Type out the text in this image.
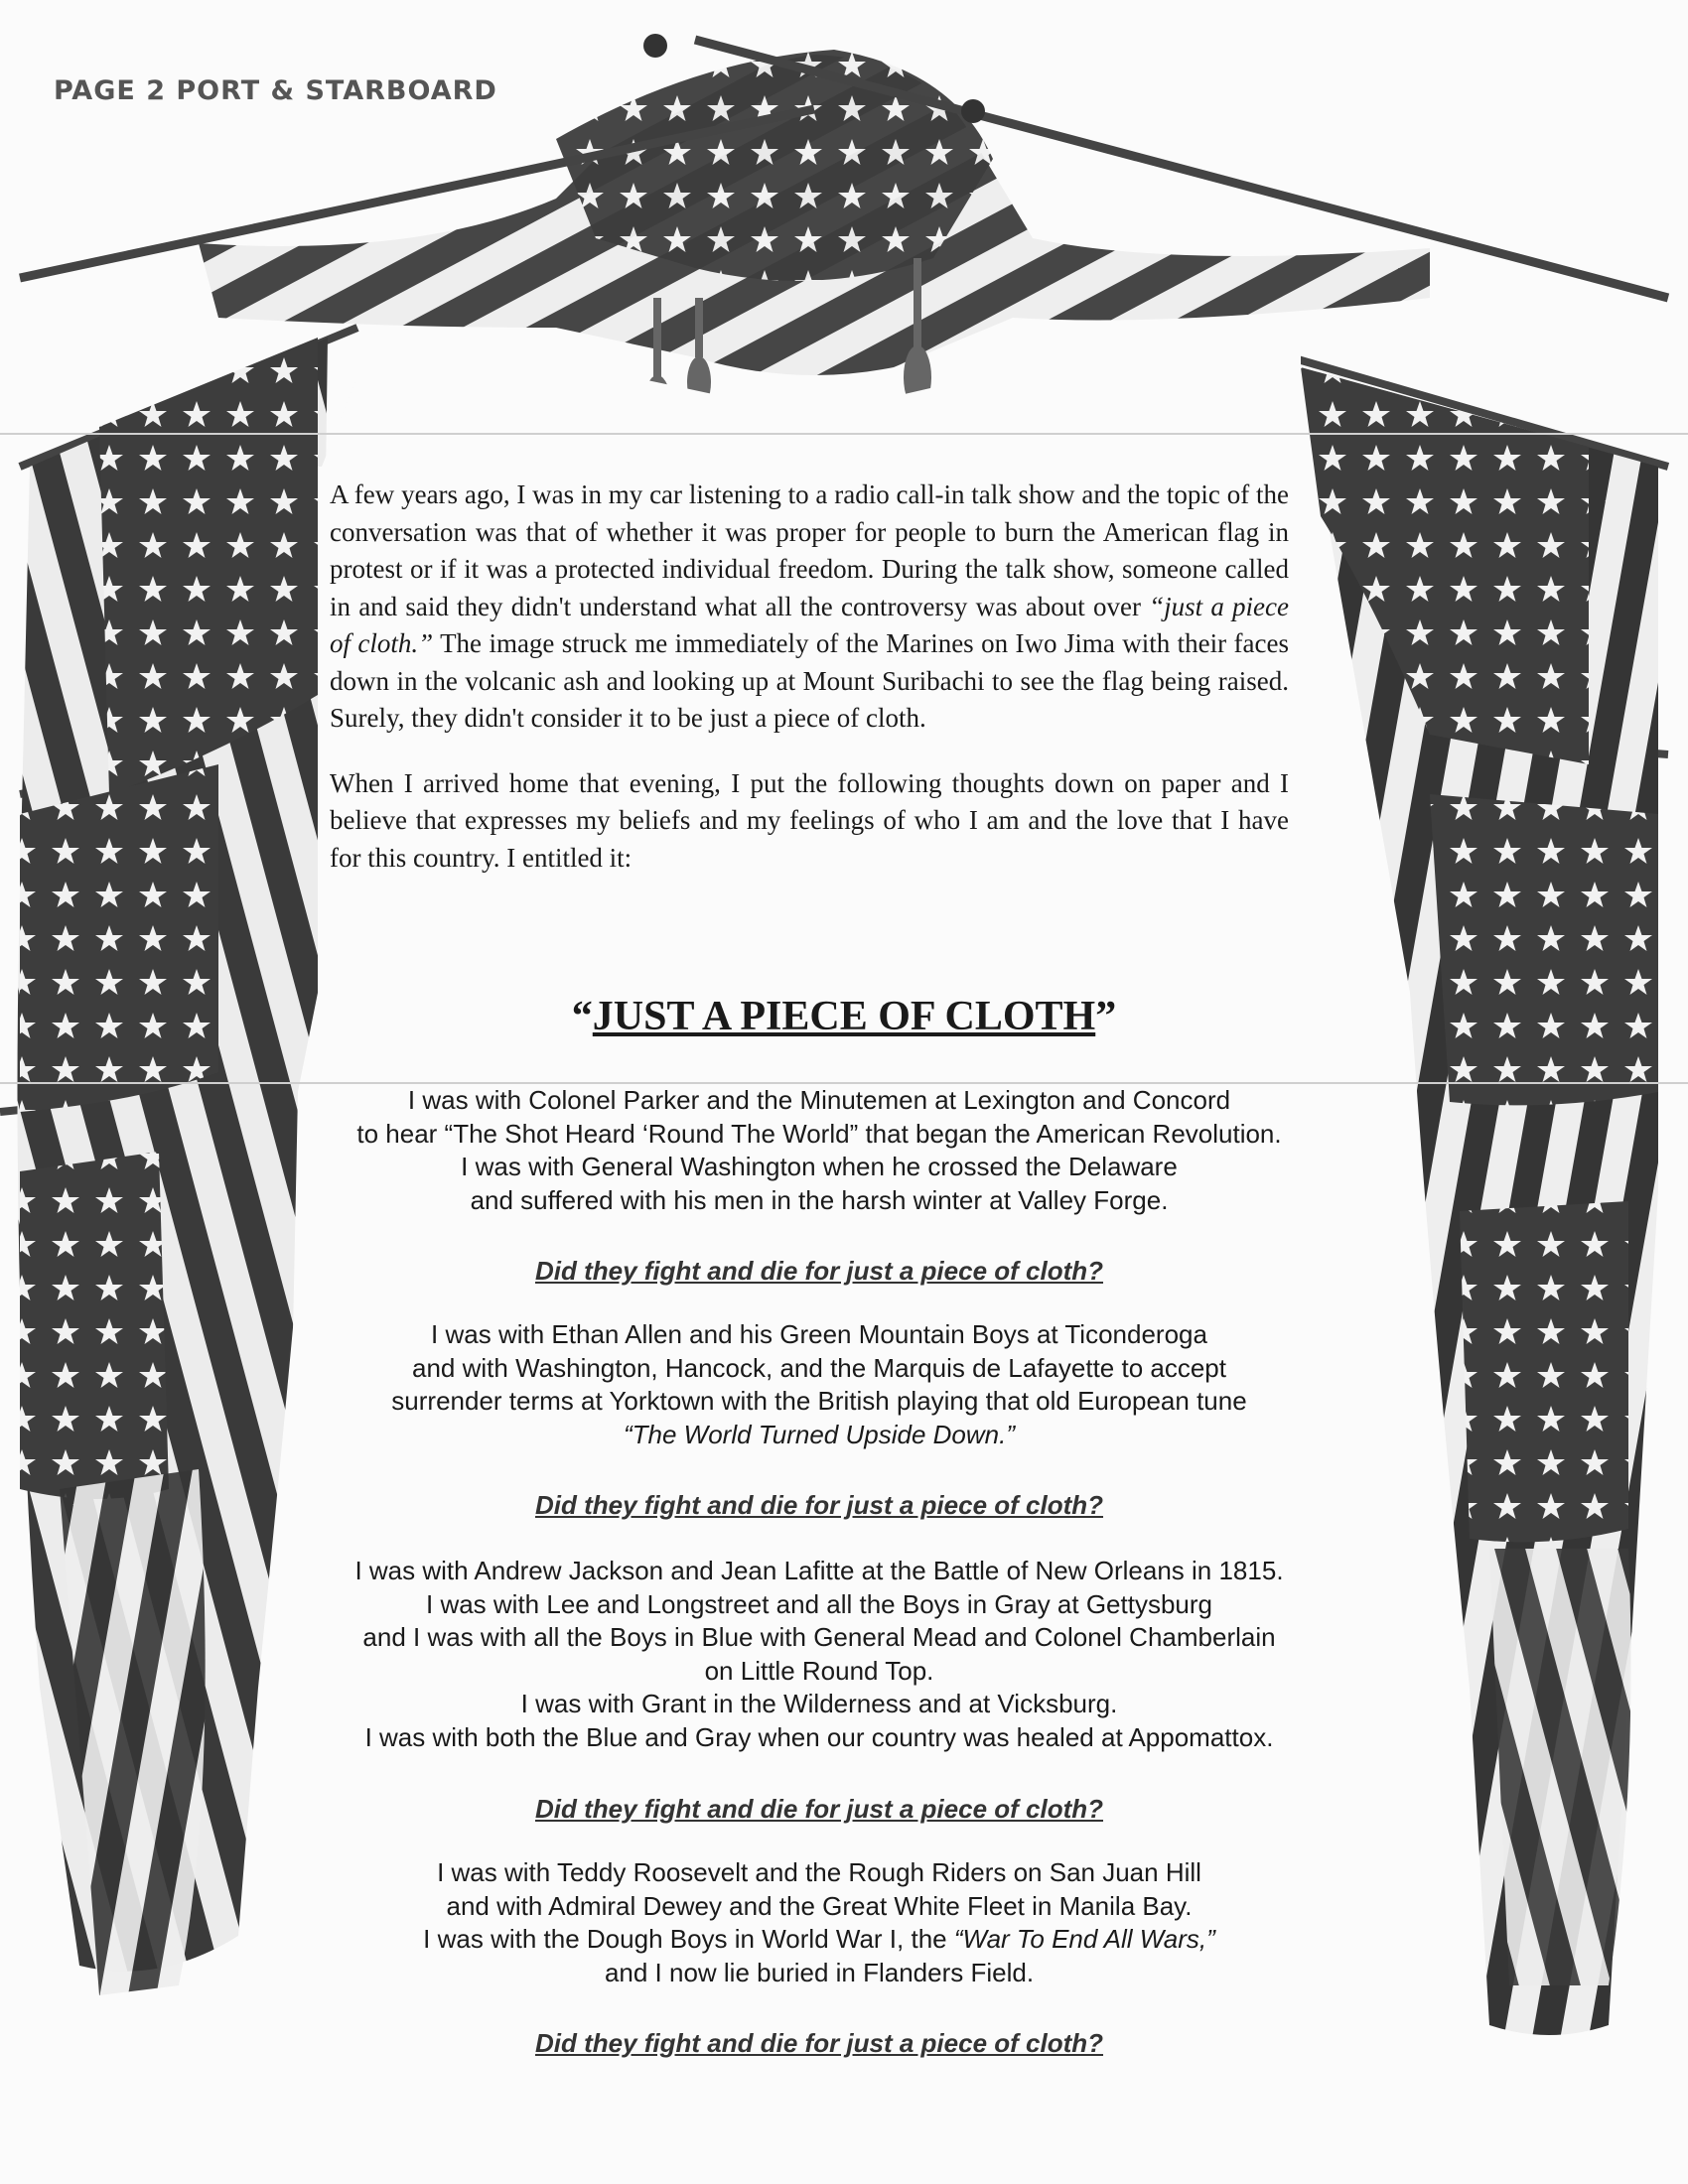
PAGE 2 PORT & STARBOARD

A few years ago, I was in my car listening to a radio call-in talk show and the topic of the conversation was that of whether it was proper for people to burn the American flag in protest or if it was a protected individual freedom. During the talk show, someone called in and said they didn't understand what all the controversy was about over “just a piece of cloth.” The image struck me immediately of the Marines on Iwo Jima with their faces down in the volcanic ash and looking up at Mount Suribachi to see the flag being raised. Surely, they didn't consider it to be just a piece of cloth.

When I arrived home that evening, I put the following thoughts down on paper and I believe that expresses my beliefs and my feelings of who I am and the love that I have for this country. I entitled it:

“JUST A PIECE OF CLOTH”
I was with Colonel Parker and the Minutemen at Lexington and Concord
to hear “The Shot Heard ‘Round The World” that began the American Revolution.
I was with General Washington when he crossed the Delaware
and suffered with his men in the harsh winter at Valley Forge.
Did they fight and die for just a piece of cloth?
I was with Ethan Allen and his Green Mountain Boys at Ticonderoga
and with Washington, Hancock, and the Marquis de Lafayette to accept
surrender terms at Yorktown with the British playing that old European tune
“The World Turned Upside Down.”
Did they fight and die for just a piece of cloth?
I was with Andrew Jackson and Jean Lafitte at the Battle of New Orleans in 1815.
I was with Lee and Longstreet and all the Boys in Gray at Gettysburg
and I was with all the Boys in Blue with General Mead and Colonel Chamberlain
on Little Round Top.
I was with Grant in the Wilderness and at Vicksburg.
I was with both the Blue and Gray when our country was healed at Appomattox.
Did they fight and die for just a piece of cloth?
I was with Teddy Roosevelt and the Rough Riders on San Juan Hill
and with Admiral Dewey and the Great White Fleet in Manila Bay.
I was with the Dough Boys in World War I, the “War To End All Wars,”
and I now lie buried in Flanders Field.
Did they fight and die for just a piece of cloth?
